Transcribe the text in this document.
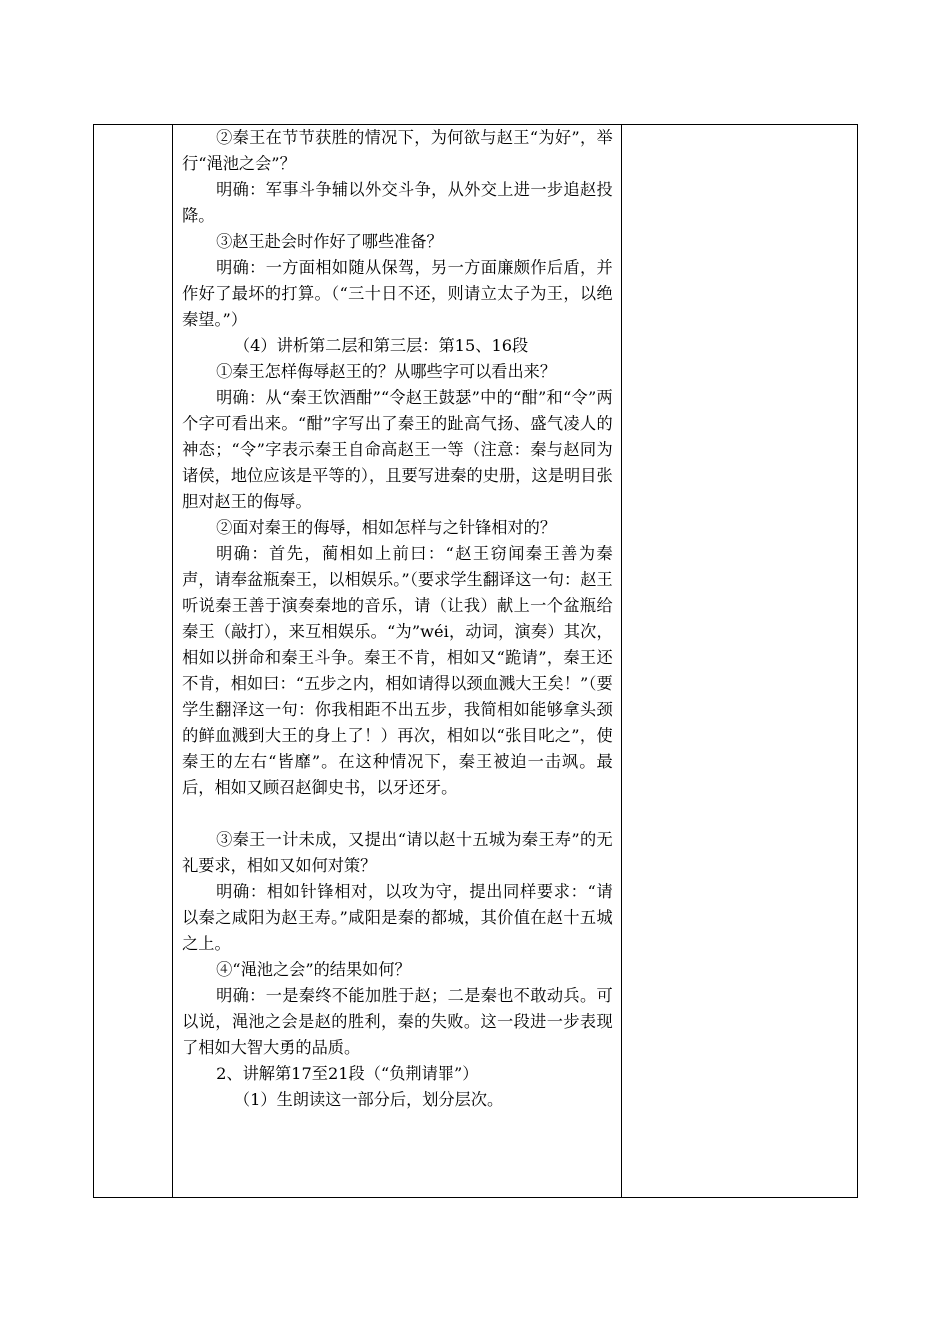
②秦王在节节获胜的情况下，为何欲与赵王“为好”，举行“渑池之会”？

明确：军事斗争辅以外交斗争，从外交上进一步追赵投降。

③赵王赴会时作好了哪些准备？

明确：一方面相如随从保驾，另一方面廉颇作后盾，并作好了最坏的打算。（“三十日不还，则请立太子为王，以绝秦望。”）

（4）讲析第二层和第三层：第15、16段

①秦王怎样侮辱赵王的？从哪些字可以看出来？

明确：从“秦王饮酒酣”“令赵王鼓瑟”中的“酣”和“令”两个字可看出来。“酣”字写出了秦王的趾高气扬、盛气凌人的神态；“令”字表示秦王自命高赵王一等（注意：秦与赵同为诸侯，地位应该是平等的），且要写进秦的史册，这是明目张胆对赵王的侮辱。

②面对秦王的侮辱，相如怎样与之针锋相对的？

明确：首先，蔺相如上前曰：“赵王窃闻秦王善为秦声，请奉盆瓶秦王，以相娱乐。”（要求学生翻译这一句：赵王听说秦王善于演奏秦地的音乐，请（让我）献上一个盆瓶给秦王（敲打），来互相娱乐。“为”wéi，动词，演奏）其次，相如以拼命和秦王斗争。秦王不肯，相如又“跪请”，秦王还不肯，相如曰：“五步之内，相如请得以颈血溅大王矣！”（要学生翻泽这一句：你我相距不出五步，我简相如能够拿头颈的鲜血溅到大王的身上了！）再次，相如以“张目叱之”，使秦王的左右“皆靡”。在这种情况下，秦王被迫一击飒。最后，相如又顾召赵御史书，以牙还牙。

③秦王一计未成，又提出“请以赵十五城为秦王寿”的无礼要求，相如又如何对策？

明确：相如针锋相对，以攻为守，提出同样要求：“请以秦之咸阳为赵王寿。”咸阳是秦的都城，其价值在赵十五城之上。

④“渑池之会”的结果如何？

明确：一是秦终不能加胜于赵；二是秦也不敢动兵。可以说，渑池之会是赵的胜利，秦的失败。这一段进一步表现了相如大智大勇的品质。

2、讲解第17至21段（“负荆请罪”）

（1）生朗读这一部分后，划分层次。
